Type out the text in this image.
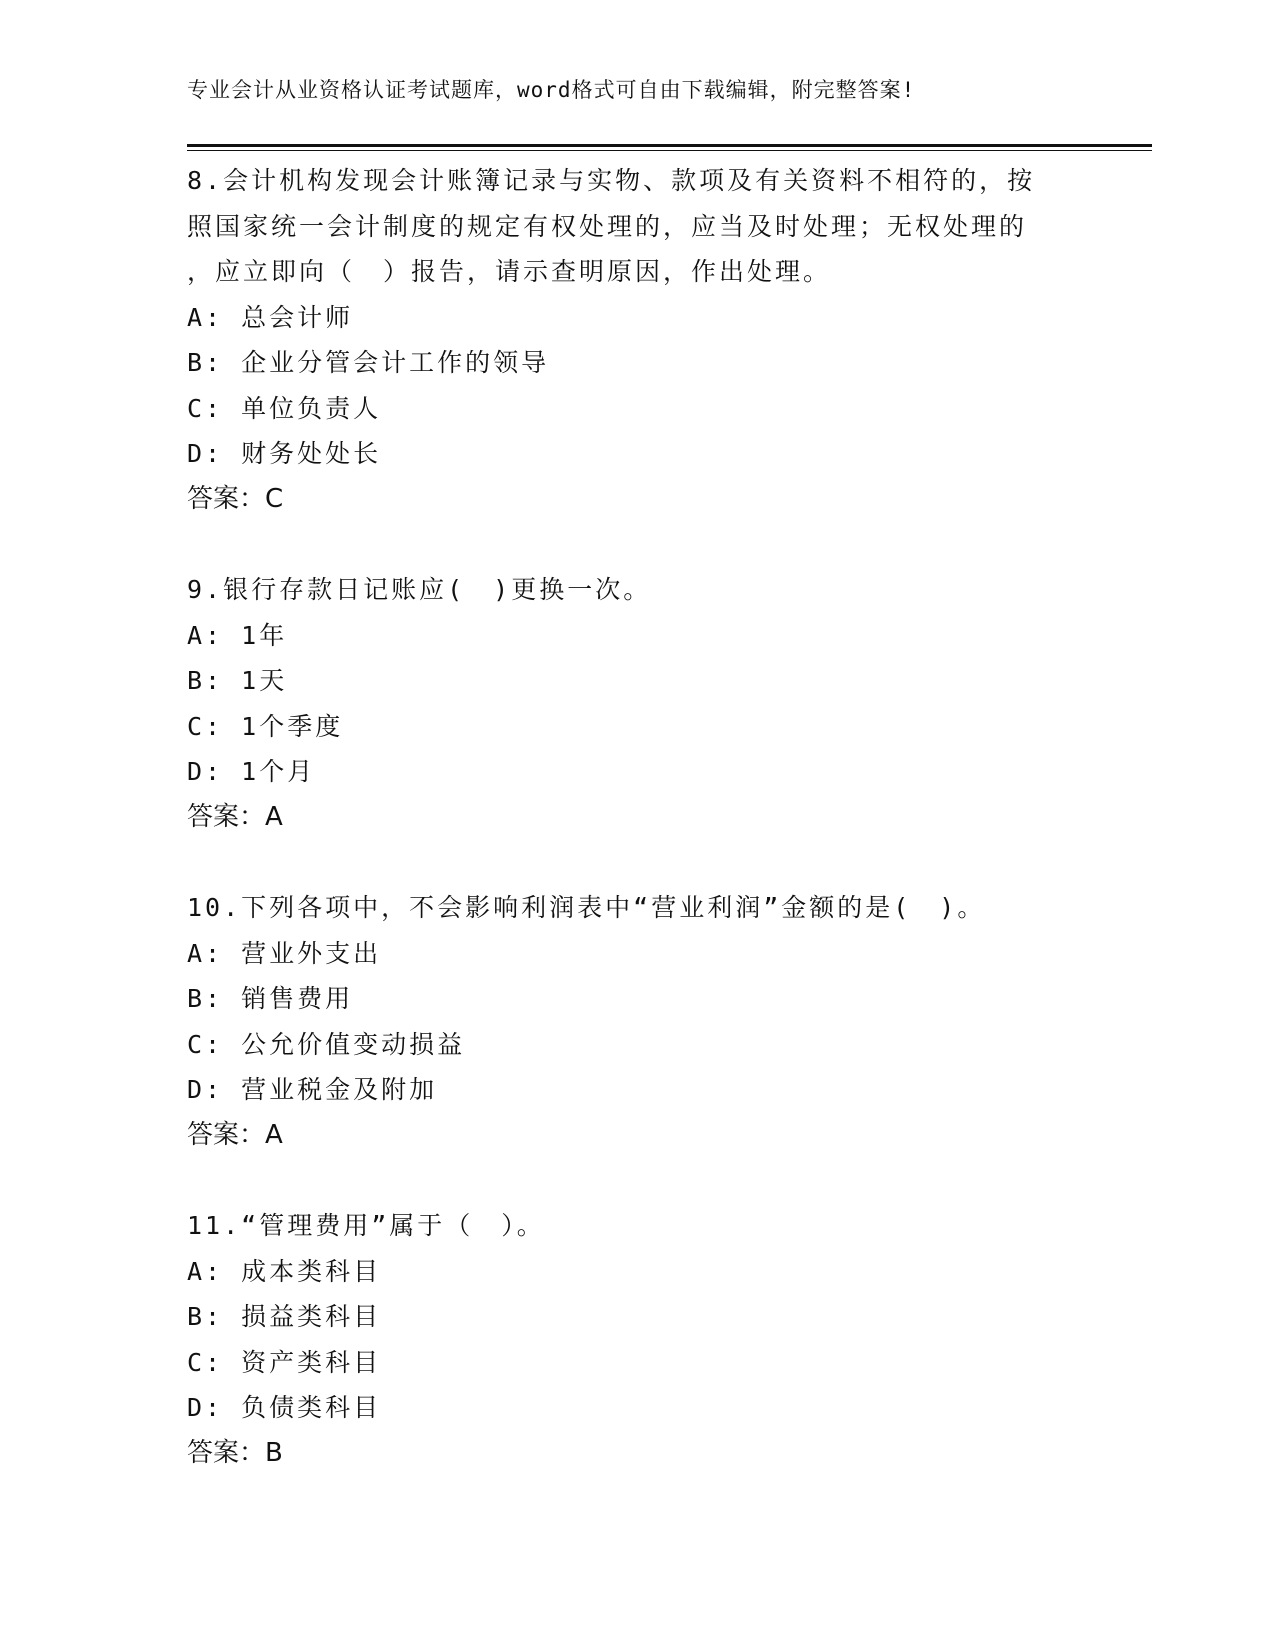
专业会计从业资格认证考试题库，word格式可自由下载编辑，附完整答案!
8.会计机构发现会计账簿记录与实物、款项及有关资料不相符的，按
照国家统一会计制度的规定有权处理的，应当及时处理；无权处理的
，应立即向（　）报告，请示查明原因，作出处理。
A: 总会计师
B: 企业分管会计工作的领导
C: 单位负责人
D: 财务处处长
答案：C
9.银行存款日记账应(　)更换一次。
A: 1年
B: 1天
C: 1个季度
D: 1个月
答案：A
10.下列各项中，不会影响利润表中“营业利润”金额的是(　)。
A: 营业外支出
B: 销售费用
C: 公允价值变动损益
D: 营业税金及附加
答案：A
11.“管理费用”属于（　）。
A: 成本类科目
B: 损益类科目
C: 资产类科目
D: 负债类科目
答案：B
